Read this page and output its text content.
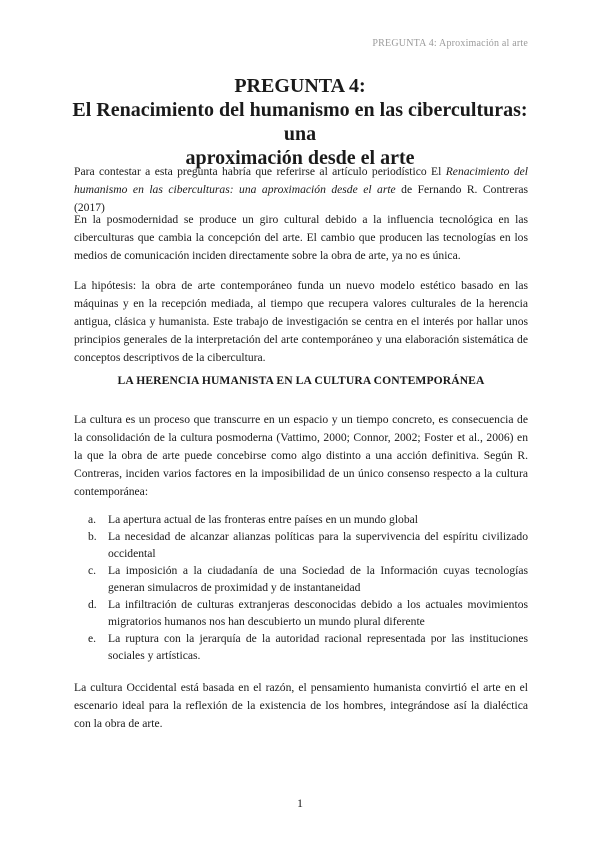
PREGUNTA 4: Aproximación al arte
PREGUNTA 4:
El Renacimiento del humanismo en las ciberculturas: una
aproximación desde el arte

Para contestar a esta pregunta habría que referirse al artículo periodístico El Renacimiento del humanismo en las ciberculturas: una aproximación desde el arte de Fernando R. Contreras (2017)

En la posmodernidad se produce un giro cultural debido a la influencia tecnológica en las ciberculturas que cambia la concepción del arte. El cambio que producen las tecnologías en los medios de comunicación inciden directamente sobre la obra de arte, ya no es única.

La hipótesis: la obra de arte contemporáneo funda un nuevo modelo estético basado en las máquinas y en la recepción mediada, al tiempo que recupera valores culturales de la herencia antigua, clásica y humanista. Este trabajo de investigación se centra en el interés por hallar unos principios generales de la interpretación del arte contemporáneo y una elaboración sistemática de conceptos descriptivos de la cibercultura.

LA HERENCIA HUMANISTA EN LA CULTURA CONTEMPORÁNEA

La cultura es un proceso que transcurre en un espacio y un tiempo concreto, es consecuencia de la consolidación de la cultura posmoderna (Vattimo, 2000; Connor, 2002; Foster et al., 2006) en la que la obra de arte puede concebirse como algo distinto a una acción definitiva. Según R. Contreras, inciden varios factores en la imposibilidad de un único consenso respecto a la cultura contemporánea:

a. La apertura actual de las fronteras entre países en un mundo global
b. La necesidad de alcanzar alianzas políticas para la supervivencia del espíritu civilizado occidental
c. La imposición a la ciudadanía de una Sociedad de la Información cuyas tecnologías generan simulacros de proximidad y de instantaneidad
d. La infiltración de culturas extranjeras desconocidas debido a los actuales movimientos migratorios humanos nos han descubierto un mundo plural diferente
e. La ruptura con la jerarquía de la autoridad racional representada por las instituciones sociales y artísticas.

La cultura Occidental está basada en el razón, el pensamiento humanista convirtió el arte en el escenario ideal para la reflexión de la existencia de los hombres, integrándose así la dialéctica con la obra de arte.

1
